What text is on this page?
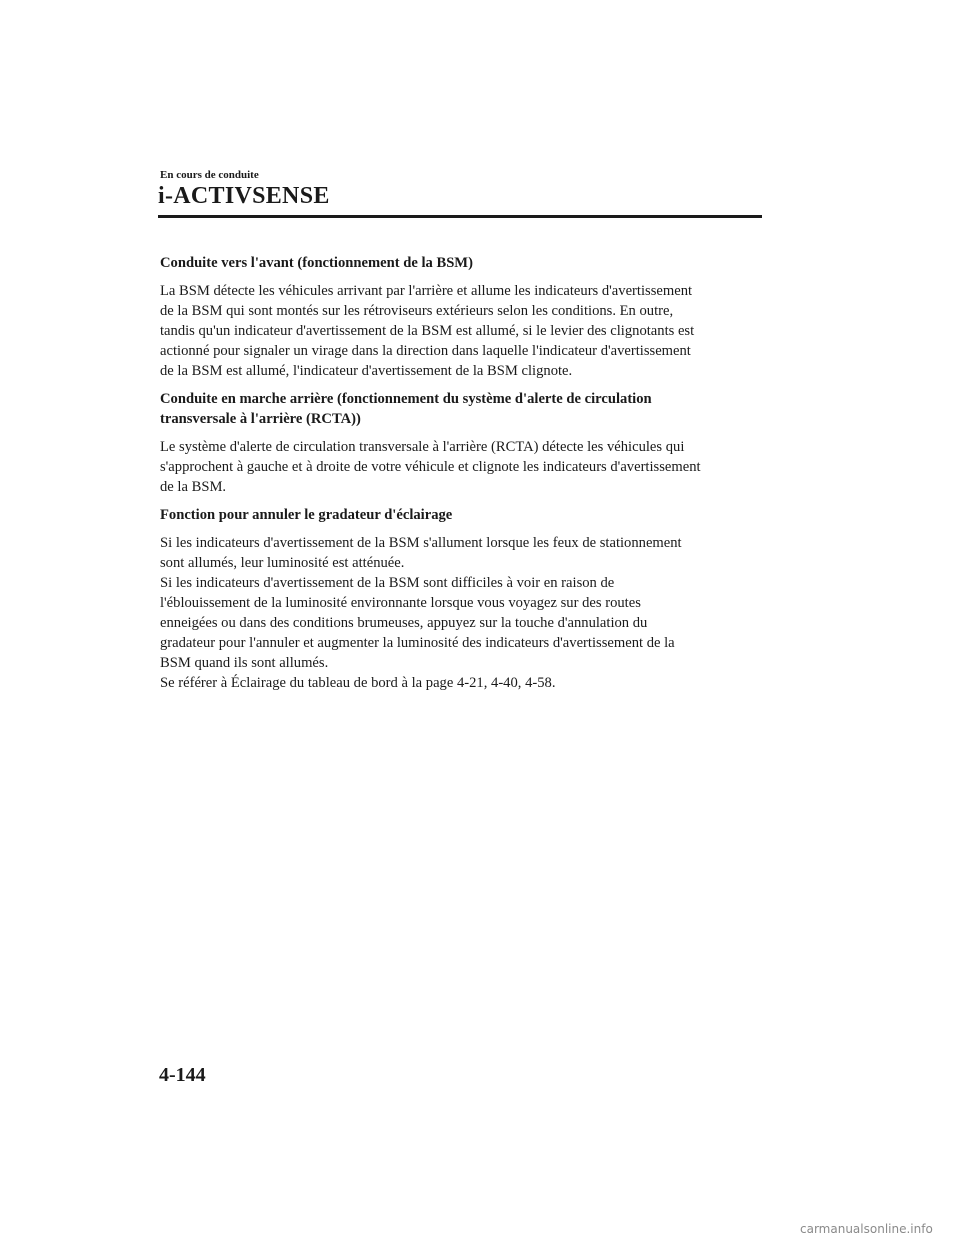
En cours de conduite
i-ACTIVSENSE
Conduite vers l'avant (fonctionnement de la BSM)
La BSM détecte les véhicules arrivant par l'arrière et allume les indicateurs d'avertissement
de la BSM qui sont montés sur les rétroviseurs extérieurs selon les conditions. En outre,
tandis qu'un indicateur d'avertissement de la BSM est allumé, si le levier des clignotants est
actionné pour signaler un virage dans la direction dans laquelle l'indicateur d'avertissement
de la BSM est allumé, l'indicateur d'avertissement de la BSM clignote.
Conduite en marche arrière (fonctionnement du système d'alerte de circulation
transversale à l'arrière (RCTA))
Le système d'alerte de circulation transversale à l'arrière (RCTA) détecte les véhicules qui
s'approchent à gauche et à droite de votre véhicule et clignote les indicateurs d'avertissement
de la BSM.
Fonction pour annuler le gradateur d'éclairage
Si les indicateurs d'avertissement de la BSM s'allument lorsque les feux de stationnement
sont allumés, leur luminosité est atténuée.
Si les indicateurs d'avertissement de la BSM sont difficiles à voir en raison de
l'éblouissement de la luminosité environnante lorsque vous voyagez sur des routes
enneigées ou dans des conditions brumeuses, appuyez sur la touche d'annulation du
gradateur pour l'annuler et augmenter la luminosité des indicateurs d'avertissement de la
BSM quand ils sont allumés.
Se référer à Éclairage du tableau de bord à la page 4-21, 4-40, 4-58.
4-144
carmanualsonline.info
